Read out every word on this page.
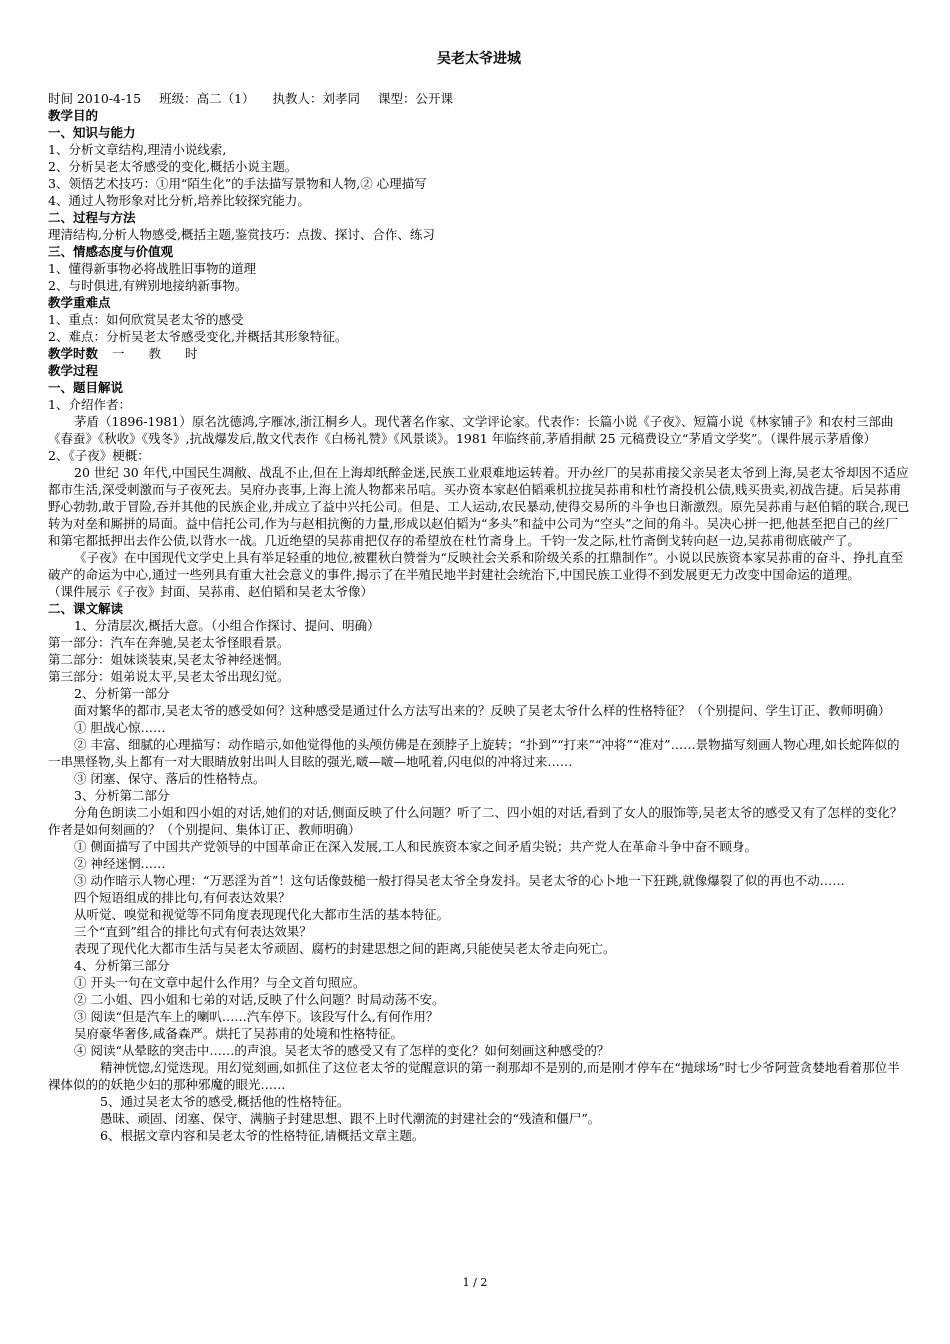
吴老太爷进城

时间 2010-4-15 班级：高二（1） 执教人：刘孝同 课型：公开课

教学目的

一、知识与能力

1、分析文章结构,理清小说线索,

2、分析吴老太爷感受的变化,概括小说主题。

3、领悟艺术技巧：①用“陌生化”的手法描写景物和人物,② 心理描写

4、通过人物形象对比分析,培养比较探究能力。

二、过程与方法

理清结构,分析人物感受,概括主题,鉴赏技巧：点拨、探讨、合作、练习

三、情感态度与价值观

1、懂得新事物必将战胜旧事物的道理

2、与时俱进,有辨别地接纳新事物。

教学重难点

1、重点：如何欣赏吴老太爷的感受

2、难点：分析吴老太爷感受变化,并概括其形象特征。

教学时数 一 教 时

教学过程

一、题目解说

1、介绍作者：

茅盾（1896-1981）原名沈德鸿,字雁冰,浙江桐乡人。现代著名作家、文学评论家。代表作：长篇小说《子夜》、短篇小说《林家铺子》和农村三部曲《春蚕》《秋收》《残冬》,抗战爆发后,散文代表作《白杨礼赞》《风景谈》。1981 年临终前,茅盾捐献 25 元稿费设立“茅盾文学奖”。（课件展示茅盾像）

2、《子夜》梗概：

20 世纪 30 年代,中国民生凋敝、战乱不止,但在上海却纸醉金迷,民族工业艰难地运转着。开办丝厂的吴荪甫接父亲吴老太爷到上海,吴老太爷却因不适应都市生活,深受刺激而与子夜死去。吴府办丧事,上海上流人物都来吊唁。买办资本家赵伯韬乘机拉拢吴荪甫和杜竹斋投机公债,贱买贵卖,初战告捷。后吴荪甫野心勃勃,敢于冒险,吞并其他的民族企业,并成立了益中兴托公司。但是、工人运动,农民暴动,使得交易所的斗争也日渐激烈。原先吴荪甫与赵伯韬的联合,现已转为对垒和厮拼的局面。益中信托公司,作为与赵相抗衡的力量,形成以赵伯韬为“多头”和益中公司为“空头”之间的角斗。吴决心拼一把,他甚至把自己的丝厂和第宅都抵押出去作公债,以背水一战。几近绝望的吴荪甫把仅存的希望放在杜竹斋身上。千钧一发之际,杜竹斋倒戈转向赵一边,吴荪甫彻底破产了。

《子夜》在中国现代文学史上具有举足轻重的地位,被瞿秋白赞誉为“反映社会关系和阶级关系的扛鼎制作”。小说以民族资本家吴荪甫的奋斗、挣扎直至破产的命运为中心,通过一些列具有重大社会意义的事件,揭示了在半殖民地半封建社会统治下,中国民族工业得不到发展更无力改变中国命运的道理。

（课件展示《子夜》封面、吴荪甫、赵伯韬和吴老太爷像）

二、课文解读

1、分清层次,概括大意。（小组合作探讨、提问、明确）

第一部分：汽车在奔驰,吴老太爷怪眼看景。

第二部分：姐妹谈装束,吴老太爷神经迷惘。

第三部分：姐弟说太平,吴老太爷出现幻觉。

2、分析第一部分

面对繁华的都市,吴老太爷的感受如何？这种感受是通过什么方法写出来的？反映了吴老太爷什么样的性格特征？（个别提问、学生订正、教师明确）

① 胆战心惊……

② 丰富、细腻的心理描写：动作暗示,如他觉得他的头颅仿佛是在颈脖子上旋转；“扑到”“打来”“冲将”“准对”……景物描写刻画人物心理,如长蛇阵似的一串黑怪物,头上都有一对大眼睛放射出叫人目眩的强光,啵—啵—地吼着,闪电似的冲将过来……

③ 闭塞、保守、落后的性格特点。

3、分析第二部分

分角色朗读二小姐和四小姐的对话,她们的对话,侧面反映了什么问题？听了二、四小姐的对话,看到了女人的服饰等,吴老太爷的感受又有了怎样的变化？作者是如何刻画的？（个别提问、集体订正、教师明确）

① 侧面描写了中国共产党领导的中国革命正在深入发展,工人和民族资本家之间矛盾尖锐；共产党人在革命斗争中奋不顾身。

② 神经迷惘……

③ 动作暗示人物心理：“万恶淫为首”！这句话像鼓槌一般打得吴老太爷全身发抖。吴老太爷的心卜地一下狂跳,就像爆裂了似的再也不动……

四个短语组成的排比句,有何表达效果？

从听觉、嗅觉和视觉等不同角度表现现代化大都市生活的基本特征。

三个“直到”组合的排比句式有何表达效果？

表现了现代化大都市生活与吴老太爷顽固、腐朽的封建思想之间的距离,只能使吴老太爷走向死亡。

4、分析第三部分

① 开头一句在文章中起什么作用？与全文首句照应。

② 二小姐、四小姐和七弟的对话,反映了什么问题？时局动荡不安。

③ 阅读“但是汽车上的喇叭……汽车停下。该段写什么,有何作用？

吴府豪华奢侈,咸备森严。烘托了吴荪甫的处境和性格特征。

④ 阅读“从晕眩的突击中……的声浪。吴老太爷的感受又有了怎样的变化？如何刻画这种感受的？

精神恍惚,幻觉迭现。用幻觉刻画,如抓住了这位老太爷的觉醒意识的第一刹那却不是别的,而是刚才停车在“抛球场”时七少爷阿萱贪婪地看着那位半裸体似的的妖艳少妇的那种邪魔的眼光……

5、通过吴老太爷的感受,概括他的性格特征。

愚昧、顽固、闭塞、保守、满脑子封建思想、跟不上时代潮流的封建社会的“残渣和僵尸”。

6、根据文章内容和吴老太爷的性格特征,请概括文章主题。

1 / 2
